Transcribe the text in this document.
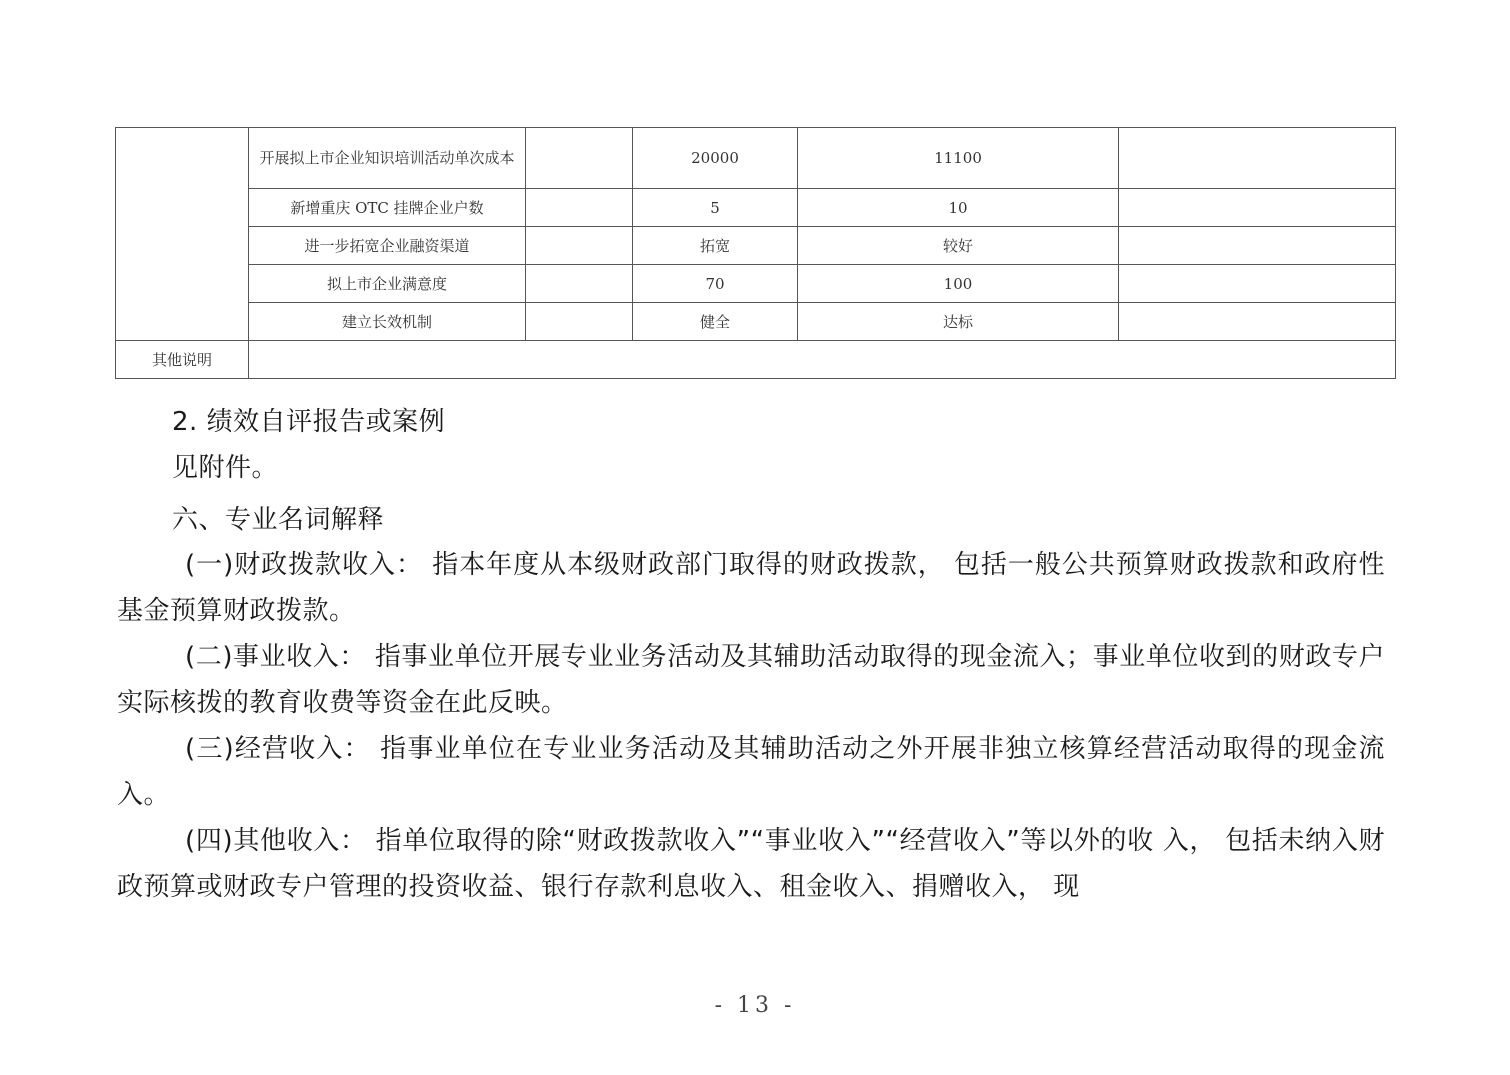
	开展拟上市企业知识培训活动单次成本		20000	11100	
	新增重庆 OTC 挂牌企业户数		5	10	
	进一步拓宽企业融资渠道		拓宽	较好	
	拟上市企业满意度		70	100	
	建立长效机制		健全	达标	
其他说明					
2. 绩效自评报告或案例
见附件。
六、专业名词解释
(一)财政拨款收入： 指本年度从本级财政部门取得的财政拨款， 包括一般公共预算财政拨款和政府性基金预算财政拨款。
(二)事业收入： 指事业单位开展专业业务活动及其辅助活动取得的现金流入；事业单位收到的财政专户实际核拨的教育收费等资金在此反映。
(三)经营收入： 指事业单位在专业业务活动及其辅助活动之外开展非独立核算经营活动取得的现金流入。
(四)其他收入： 指单位取得的除“财政拨款收入”“事业收入”“经营收入”等以外的收 入， 包括未纳入财政预算或财政专户管理的投资收益、银行存款利息收入、租金收入、捐赠收入， 现
- 13 -
